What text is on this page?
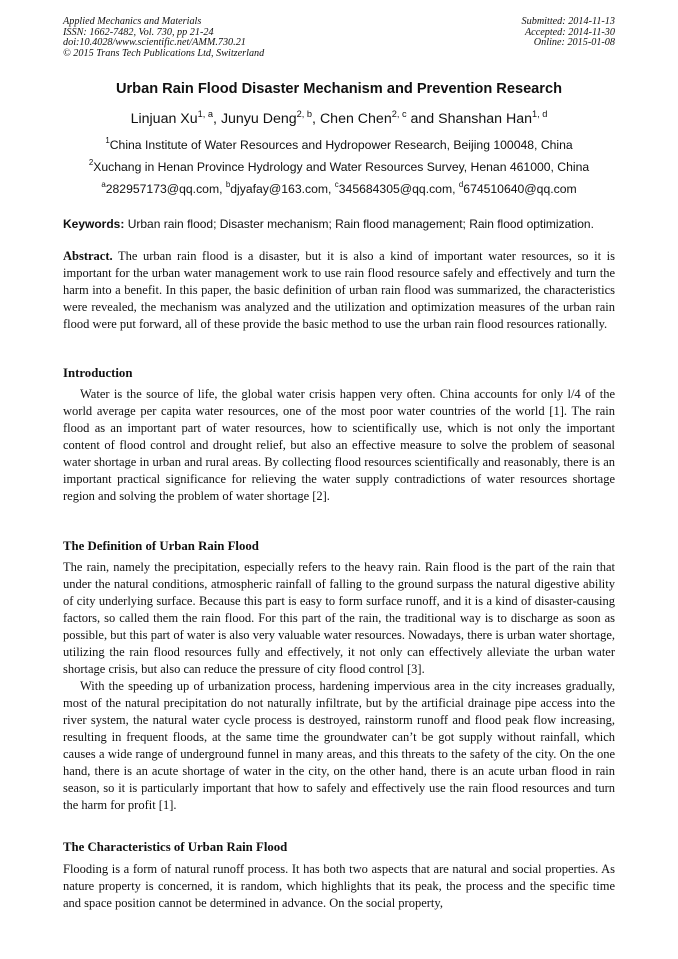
Applied Mechanics and Materials
ISSN: 1662-7482, Vol. 730, pp 21-24
doi:10.4028/www.scientific.net/AMM.730.21
© 2015 Trans Tech Publications Ltd, Switzerland
Submitted: 2014-11-13
Accepted: 2014-11-30
Online: 2015-01-08
Urban Rain Flood Disaster Mechanism and Prevention Research
Linjuan Xu$^{1, a}$, Junyu Deng$^{2, b}$, Chen Chen$^{2, c}$ and Shanshan Han$^{1, d}$
$^1$China Institute of Water Resources and Hydropower Research, Beijing 100048, China
$^2$Xuchang in Henan Province Hydrology and Water Resources Survey, Henan 461000, China
$^a$282957173@qq.com, $^b$djyafay@163.com, $^c$345684305@qq.com, $^d$674510640@qq.com
Keywords: Urban rain flood; Disaster mechanism; Rain flood management; Rain flood optimization.

Abstract. The urban rain flood is a disaster, but it is also a kind of important water resources, so it is important for the urban water management work to use rain flood resource safely and effectively and turn the harm into a benefit. In this paper, the basic definition of urban rain flood was summarized, the characteristics were revealed, the mechanism was analyzed and the utilization and optimization measures of the urban rain flood were put forward, all of these provide the basic method to use the urban rain flood resources rationally.

Introduction

Water is the source of life, the global water crisis happen very often. China accounts for only l/4 of the world average per capita water resources, one of the most poor water countries of the world [1]. The rain flood as an important part of water resources, how to scientifically use, which is not only the important content of flood control and drought relief, but also an effective measure to solve the problem of seasonal water shortage in urban and rural areas. By collecting flood resources scientifically and reasonably, there is an important practical significance for relieving the water supply contradictions of water resources shortage region and solving the problem of water shortage [2].

The Definition of Urban Rain Flood

The rain, namely the precipitation, especially refers to the heavy rain. Rain flood is the part of the rain that under the natural conditions, atmospheric rainfall of falling to the ground surpass the natural digestive ability of city underlying surface. Because this part is easy to form surface runoff, and it is a kind of disaster-causing factors, so called them the rain flood. For this part of the rain, the traditional way is to discharge as soon as possible, but this part of water is also very valuable water resources. Nowadays, there is urban water shortage, utilizing the rain flood resources fully and effectively, it not only can effectively alleviate the urban water shortage crisis, but also can reduce the pressure of city flood control [3].

With the speeding up of urbanization process, hardening impervious area in the city increases gradually, most of the natural precipitation do not naturally infiltrate, but by the artificial drainage pipe access into the river system, the natural water cycle process is destroyed, rainstorm runoff and flood peak flow increasing, resulting in frequent floods, at the same time the groundwater can’t be got supply without rainfall, which causes a wide range of underground funnel in many areas, and this threats to the safety of the city. On the one hand, there is an acute shortage of water in the city, on the other hand, there is an acute urban flood in rain season, so it is particularly important that how to safely and effectively use the rain flood resources and turn the harm for profit [1].

The Characteristics of Urban Rain Flood

Flooding is a form of natural runoff process. It has both two aspects that are natural and social properties. As nature property is concerned, it is random, which highlights that its peak, the process and the specific time and space position cannot be determined in advance. On the social property,
